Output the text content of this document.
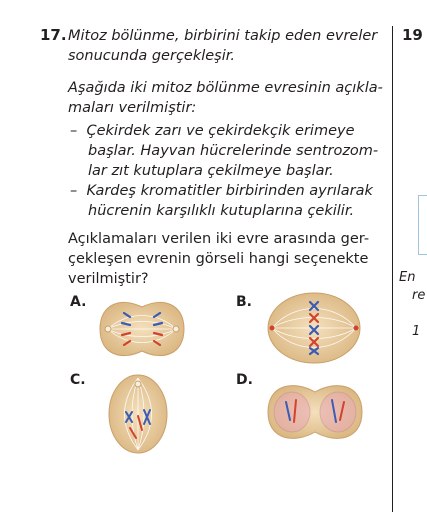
17. Mitoz bölünme, birbirini takip eden evreler
sonucunda gerçekleşir.
Aşağıda iki mitoz bölünme evresinin açıkla-
maları verilmiştir:
– Çekirdek zarı ve çekirdekçik erimeye
başlar. Hayvan hücrelerinde sentrozom-
lar zıt kutuplara çekilmeye başlar.
– Kardeş kromatitler birbirinden ayrılarak
hücrenin karşılıklı kutuplarına çekilir.
Açıklamaları verilen iki evre arasında ger-
çekleşen evrenin görseli hangi seçenekte
verilmiştir?
A.	B.
C.	D.
19
En
re
1
